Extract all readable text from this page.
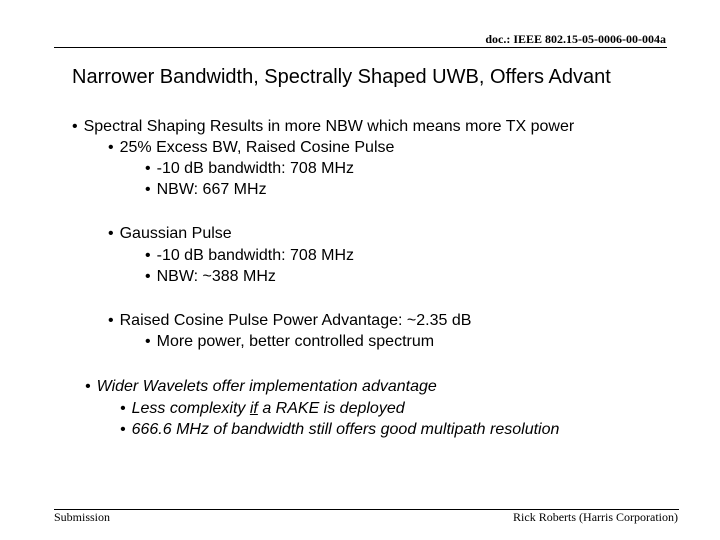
doc.: IEEE 802.15-05-0006-00-004a
Narrower Bandwidth, Spectrally Shaped UWB, Offers Advant
• Spectral Shaping Results in more NBW which means more TX power
• 25% Excess BW, Raised Cosine Pulse
• -10 dB bandwidth: 708 MHz
• NBW: 667 MHz
• Gaussian Pulse
• -10 dB bandwidth: 708 MHz
• NBW: ~388 MHz
• Raised Cosine Pulse Power Advantage: ~2.35 dB
• More power, better controlled spectrum
• Wider Wavelets offer implementation advantage
• Less complexity if a RAKE is deployed
• 666.6 MHz of bandwidth still offers good multipath resolution
Submission	Rick Roberts (Harris Corporation)
